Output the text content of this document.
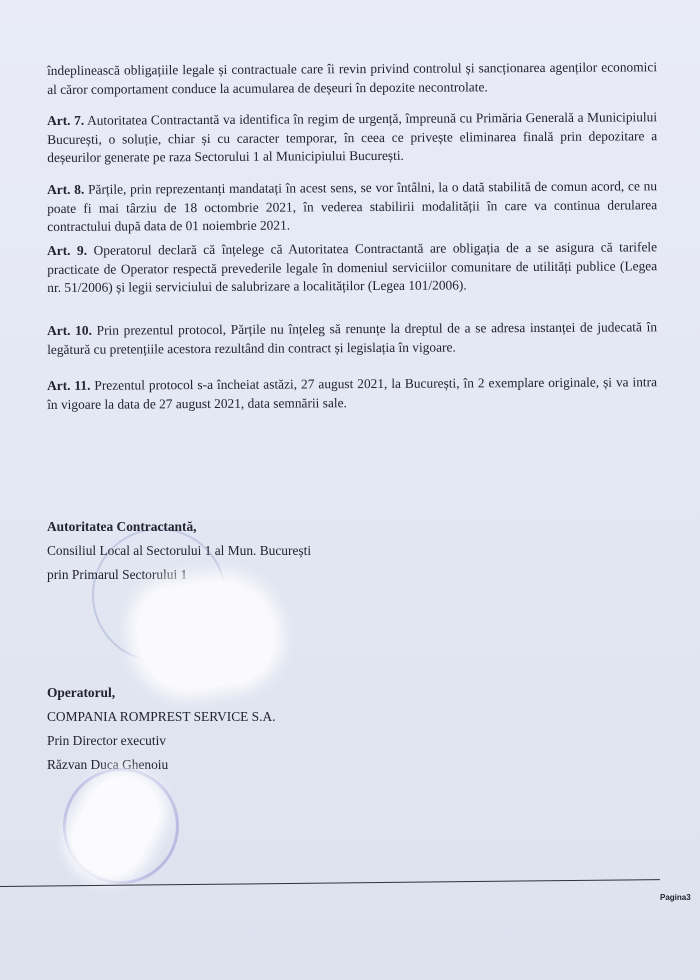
îndeplinească obligațiile legale și contractuale care îi revin privind controlul și sancționarea agenților economici al căror comportament conduce la acumularea de deșeuri în depozite necontrolate.

Art. 7. Autoritatea Contractantă va identifica în regim de urgență, împreună cu Primăria Generală a Municipiului București, o soluție, chiar și cu caracter temporar, în ceea ce privește eliminarea finală prin depozitare a deșeurilor generate pe raza Sectorului 1 al Municipiului București.

Art. 8. Părțile, prin reprezentanți mandatați în acest sens, se vor întâlni, la o dată stabilită de comun acord, ce nu poate fi mai târziu de 18 octombrie 2021, în vederea stabilirii modalității în care va continua derularea contractului după data de 01 noiembrie 2021.

Art. 9. Operatorul declară că înțelege că Autoritatea Contractantă are obligația de a se asigura că tarifele practicate de Operator respectă prevederile legale în domeniul serviciilor comunitare de utilități publice (Legea nr. 51/2006) și legii serviciului de salubrizare a localităților (Legea 101/2006).

Art. 10. Prin prezentul protocol, Părțile nu înțeleg să renunțe la dreptul de a se adresa instanței de judecată în legătură cu pretențiile acestora rezultând din contract și legislația în vigoare.

Art. 11. Prezentul protocol s-a încheiat astăzi, 27 august 2021, la București, în 2 exemplare originale, și va intra în vigoare la data de 27 august 2021, data semnării sale.

Autoritatea Contractantă,
Consiliul Local al Sectorului 1 al Mun. București
prin Primarul Sectorului 1
Operatorul,
COMPANIA ROMPREST SERVICE S.A.
Prin Director executiv
Răzvan Duca Ghenoiu
Pagina3
